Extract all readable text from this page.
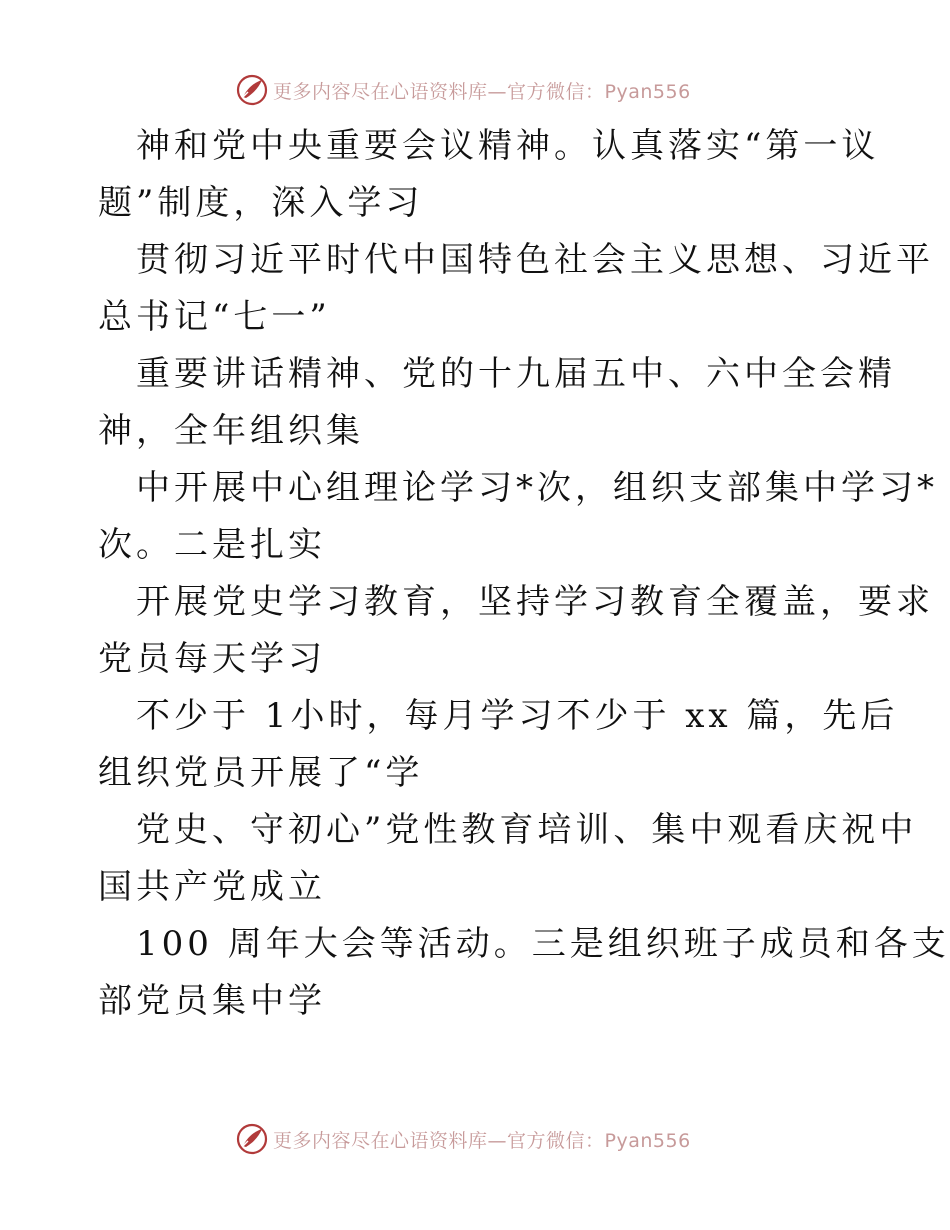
更多内容尽在心语资料库—官方微信：Pyan556

神和党中央重要会议精神。认真落实“第一议
题”制度，深入学习

贯彻习近平时代中国特色社会主义思想、习近平
总书记“七一”

重要讲话精神、党的十九届五中、六中全会精
神，全年组织集

中开展中心组理论学习*次，组织支部集中学习*
次。二是扎实

开展党史学习教育，坚持学习教育全覆盖，要求
党员每天学习

不少于 1小时，每月学习不少于 xx 篇，先后
组织党员开展了“学

党史、守初心”党性教育培训、集中观看庆祝中
国共产党成立

100 周年大会等活动。三是组织班子成员和各支
部党员集中学

更多内容尽在心语资料库—官方微信：Pyan556
